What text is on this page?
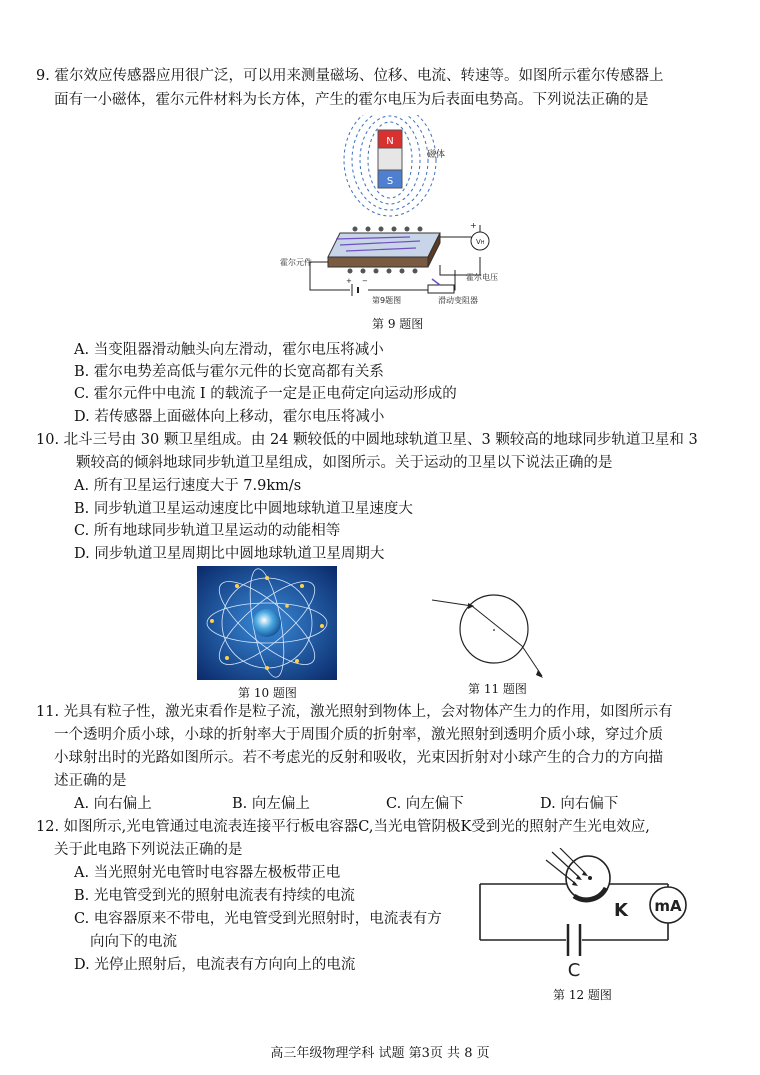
9. 霍尔效应传感器应用很广泛，可以用来测量磁场、位移、电流、转速等。如图所示霍尔传感器上
面有一小磁体，霍尔元件材料为长方体，产生的霍尔电压为后表面电势高。下列说法正确的是
N
S
磁体
VH
+
+ −
霍尔元件
霍尔电压
第9题图	滑动变阻器
第 9 题图
A. 当变阻器滑动触头向左滑动，霍尔电压将减小
B. 霍尔电势差高低与霍尔元件的长宽高都有关系
C. 霍尔元件中电流 I 的载流子一定是正电荷定向运动形成的
D. 若传感器上面磁体向上移动，霍尔电压将减小
10. 北斗三号由 30 颗卫星组成。由 24 颗较低的中圆地球轨道卫星、3 颗较高的地球同步轨道卫星和 3
颗较高的倾斜地球同步轨道卫星组成，如图所示。关于运动的卫星以下说法正确的是
A. 所有卫星运行速度大于 7.9km/s
B. 同步轨道卫星运动速度比中圆地球轨道卫星速度大
C. 所有地球同步轨道卫星运动的动能相等
D. 同步轨道卫星周期比中圆地球轨道卫星周期大
第 10 题图	第 11 题图
11. 光具有粒子性，激光束看作是粒子流，激光照射到物体上，会对物体产生力的作用，如图所示有
一个透明介质小球，小球的折射率大于周围介质的折射率，激光照射到透明介质小球，穿过介质
小球射出时的光路如图所示。若不考虑光的反射和吸收，光束因折射对小球产生的合力的方向描
述正确的是
A. 向右偏上	B. 向左偏上	C. 向左偏下	D. 向右偏下
12. 如图所示,光电管通过电流表连接平行板电容器C,当光电管阴极K受到光的照射产生光电效应,
关于此电路下列说法正确的是
A. 当光照射光电管时电容器左极板带正电
B. 光电管受到光的照射电流表有持续的电流
C. 电容器原来不带电，光电管受到光照射时，电流表有方
向向下的电流
D. 光停止照射后，电流表有方向向上的电流
K mA
C
第 12 题图
高三年级物理学科 试题 第3页 共 8 页
